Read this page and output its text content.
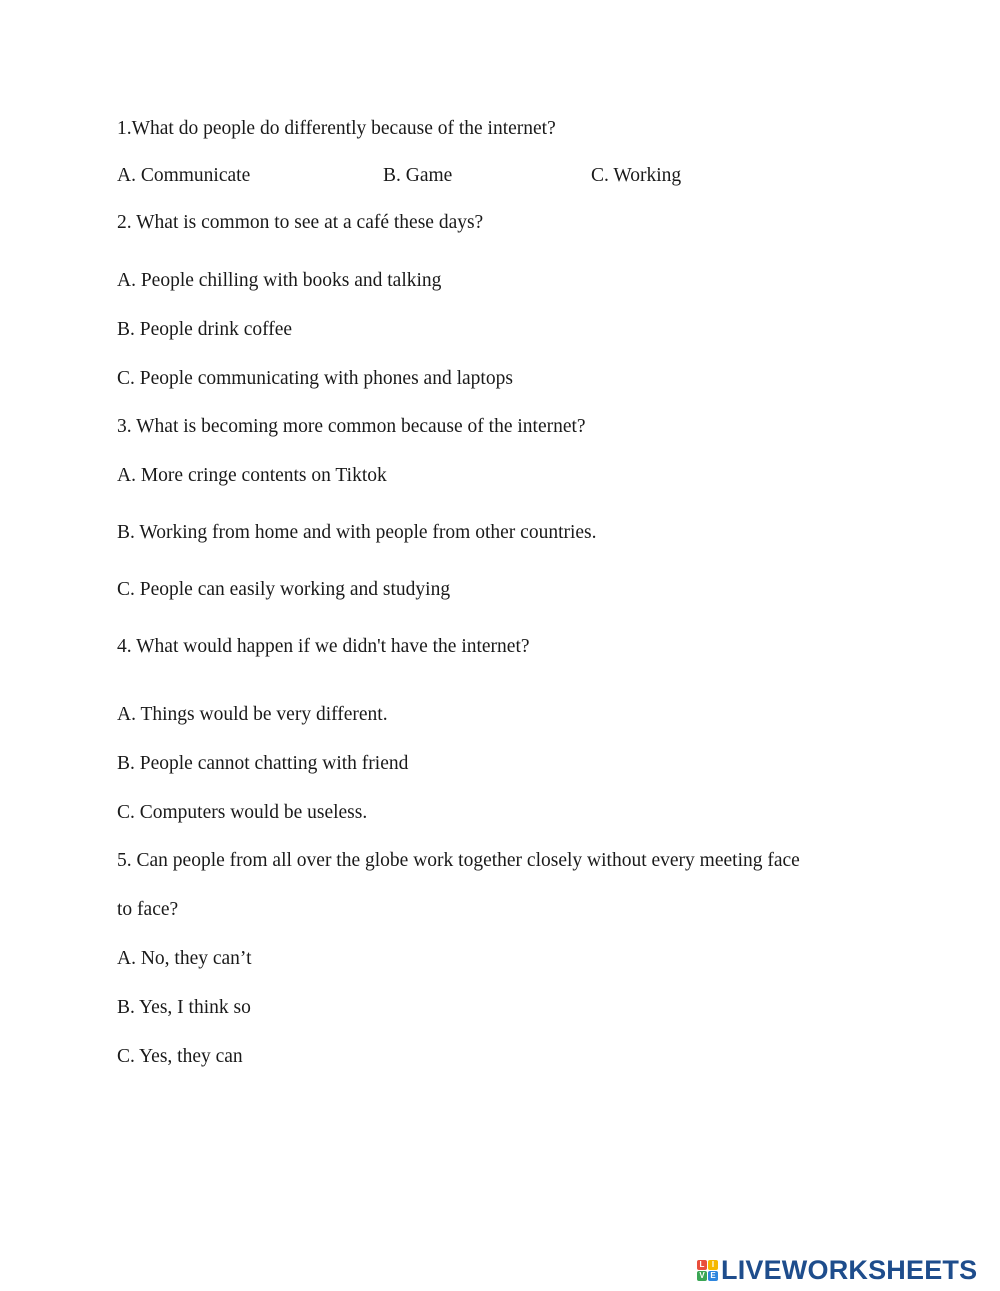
1.What do people do differently because of the internet?
A. Communicate	B. Game	C. Working
2. What is common to see at a café these days?
A. People chilling with books and talking
B. People drink coffee
C. People communicating with phones and laptops
3. What is becoming more common because of the internet?
A. More cringe contents on Tiktok
B. Working from home and with people from other countries.
C. People can easily working and studying
4. What would happen if we didn't have the internet?
A. Things would be very different.
B. People cannot chatting with friend
C. Computers would be useless.
5. Can people from all over the globe work together closely without every meeting face
to face?
A. No, they can’t
B. Yes, I think so
C. Yes, they can
L I
V E LIVEWORKSHEETS
